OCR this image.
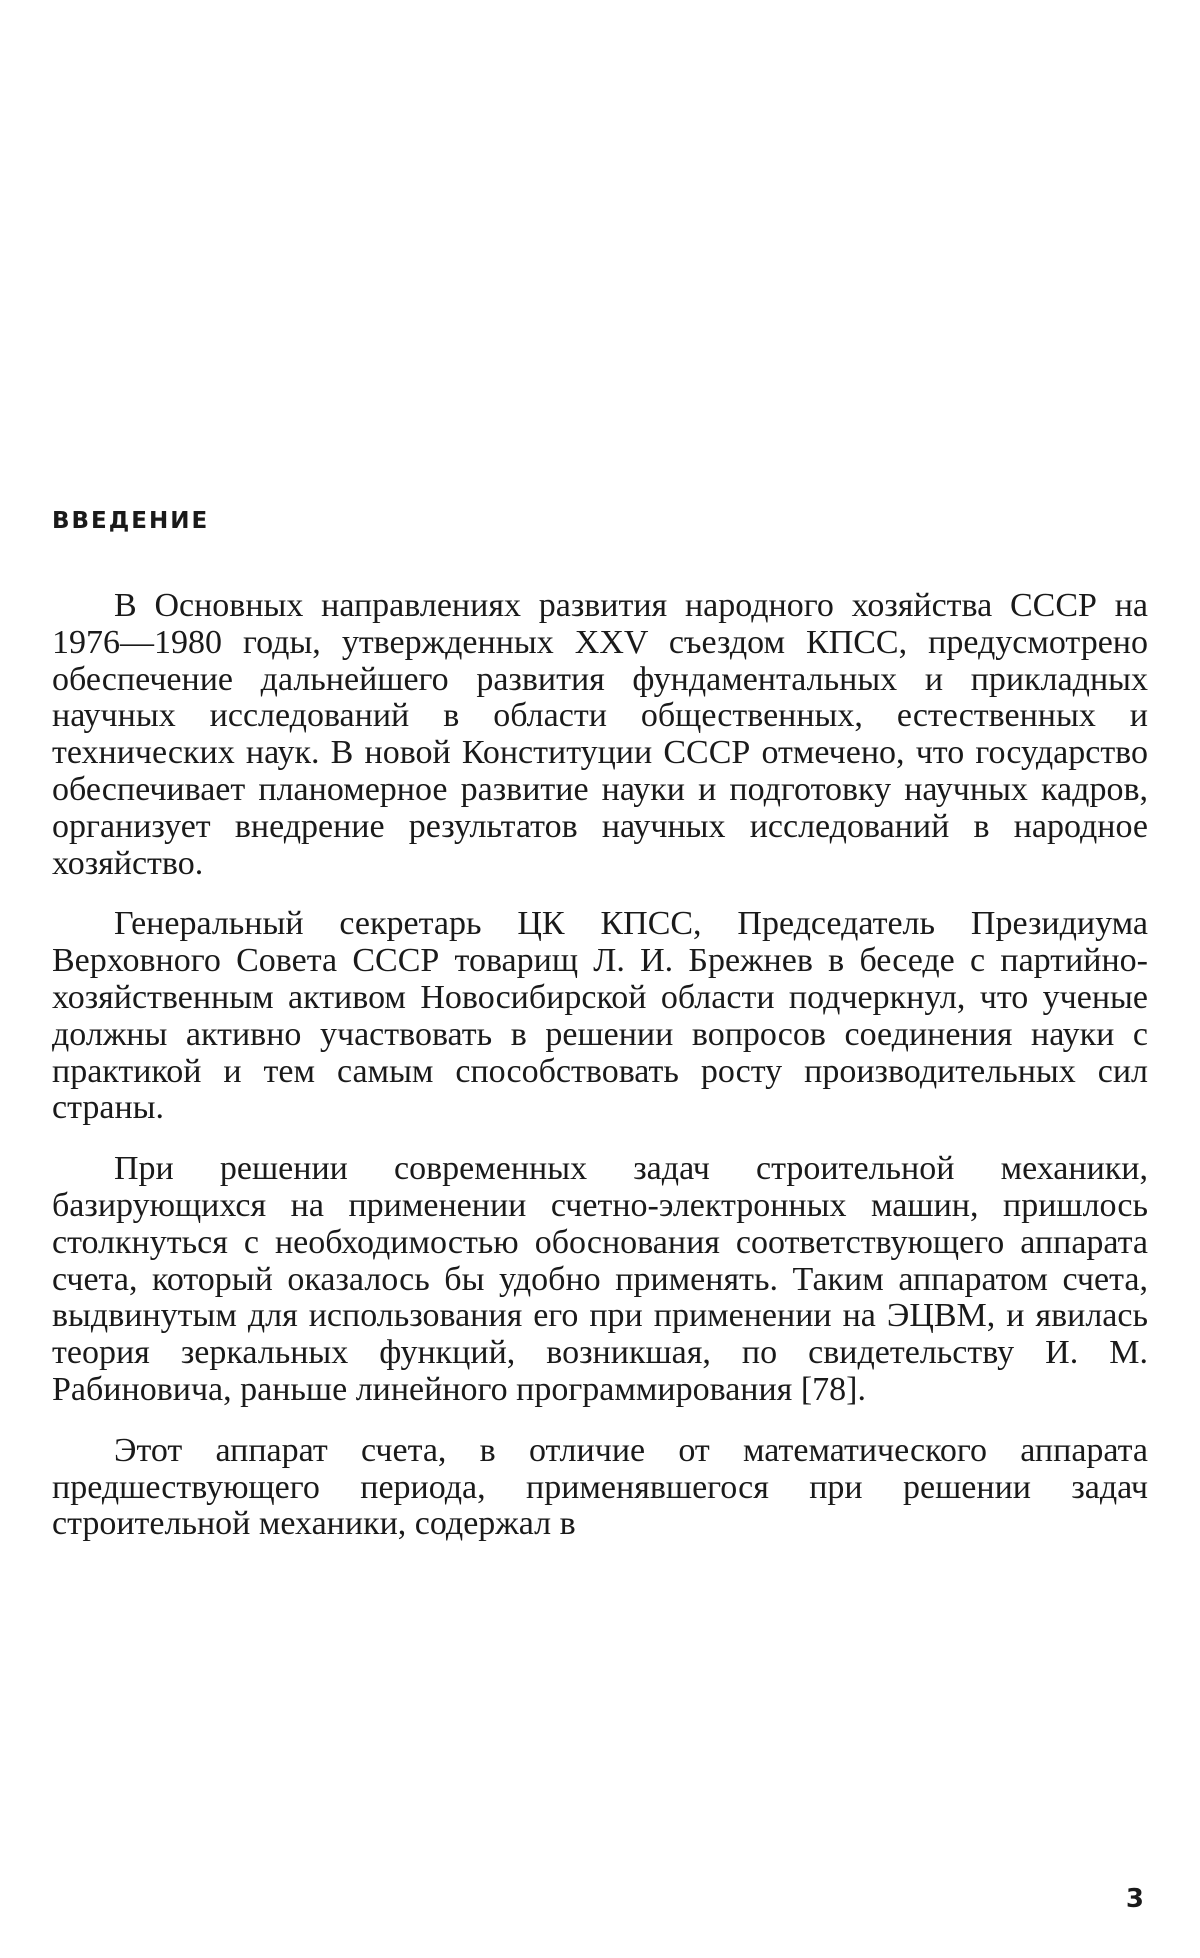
ВВЕДЕНИЕ

В Основных направлениях развития народного хозяйства СССР на 1976—1980 годы, утвержденных XXV съездом КПСС, предусмотрено обеспечение дальнейшего развития фундаментальных и прикладных научных исследований в области общественных, естественных и технических наук. В новой Конституции СССР отмечено, что государство обеспечивает планомерное развитие науки и подготовку научных кадров, организует внедрение результатов научных исследований в народное хозяйство.

Генеральный секретарь ЦК КПСС, Председатель Президиума Верховного Совета СССР товарищ Л. И. Брежнев в беседе с партийно-хозяйственным активом Новосибирской области подчеркнул, что ученые должны активно участвовать в решении вопросов соединения науки с практикой и тем самым способствовать росту производительных сил страны.

При решении современных задач строительной механики, базирующихся на применении счетно-электронных машин, пришлось столкнуться с необходимостью обоснования соответствующего аппарата счета, который оказалось бы удобно применять. Таким аппаратом счета, выдвинутым для использования его при применении на ЭЦВМ, и явилась теория зеркальных функций, возникшая, по свидетельству И. М. Рабиновича, раньше линейного программирования [78].

Этот аппарат счета, в отличие от математического аппарата предшествующего периода, применявшегося при решении задач строительной механики, содержал в

3
